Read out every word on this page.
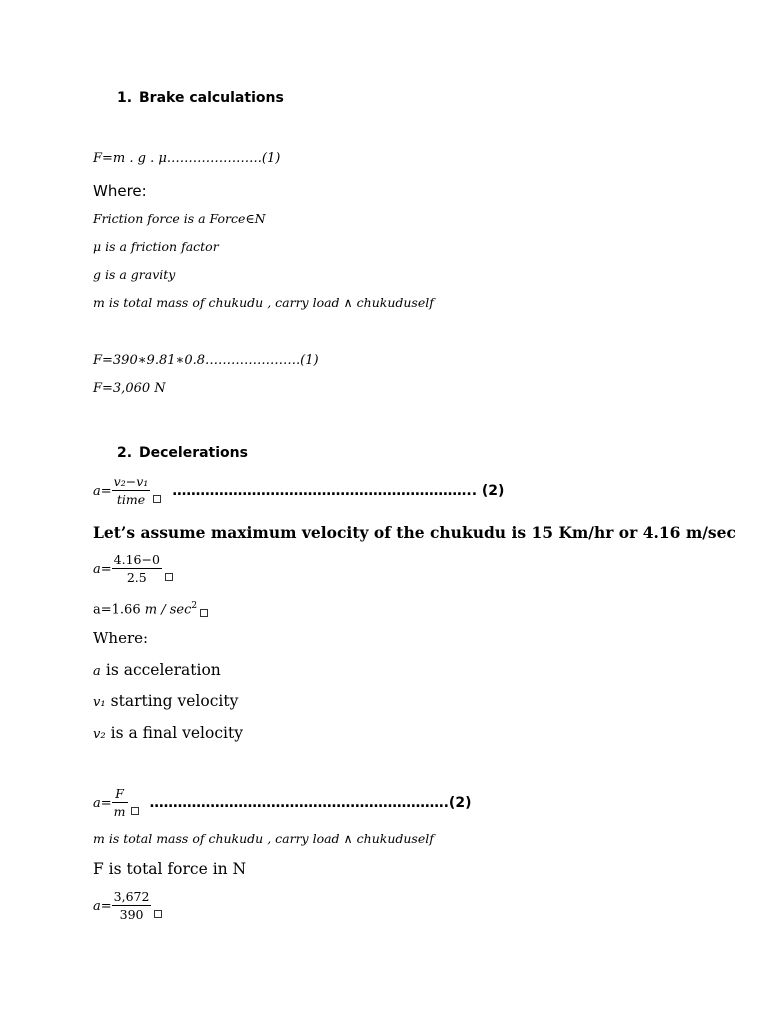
1. Brake calculations
F=m . g . μ………………….(1)
Where:
Friction force is a Force∈N
μ is a friction factor
g is a gravity
m is total mass of chukudu , carry load ∧ chukuduself
F=390∗9.81∗0.8………………….(1)
F=3,060 N
2. Decelerations
$a= \frac{\text{v₂−v₁}}{\text{time}}$ ……………………………………………………….. (2)
Let’s assume maximum velocity of the chukudu is 15 Km/hr or 4.16 m/sec
$a= \frac{4.16-0}{2.5}$
a=1.66 m / $\sec^2$
Where:
a is acceleration
v₁ starting velocity
v₂ is a final velocity
$a= \frac{F}{m}$ ……………………………………………………….(2)
m is total mass of chukudu , carry load ∧ chukuduself
F is total force in N
$a= \frac{3,672}{390}$
